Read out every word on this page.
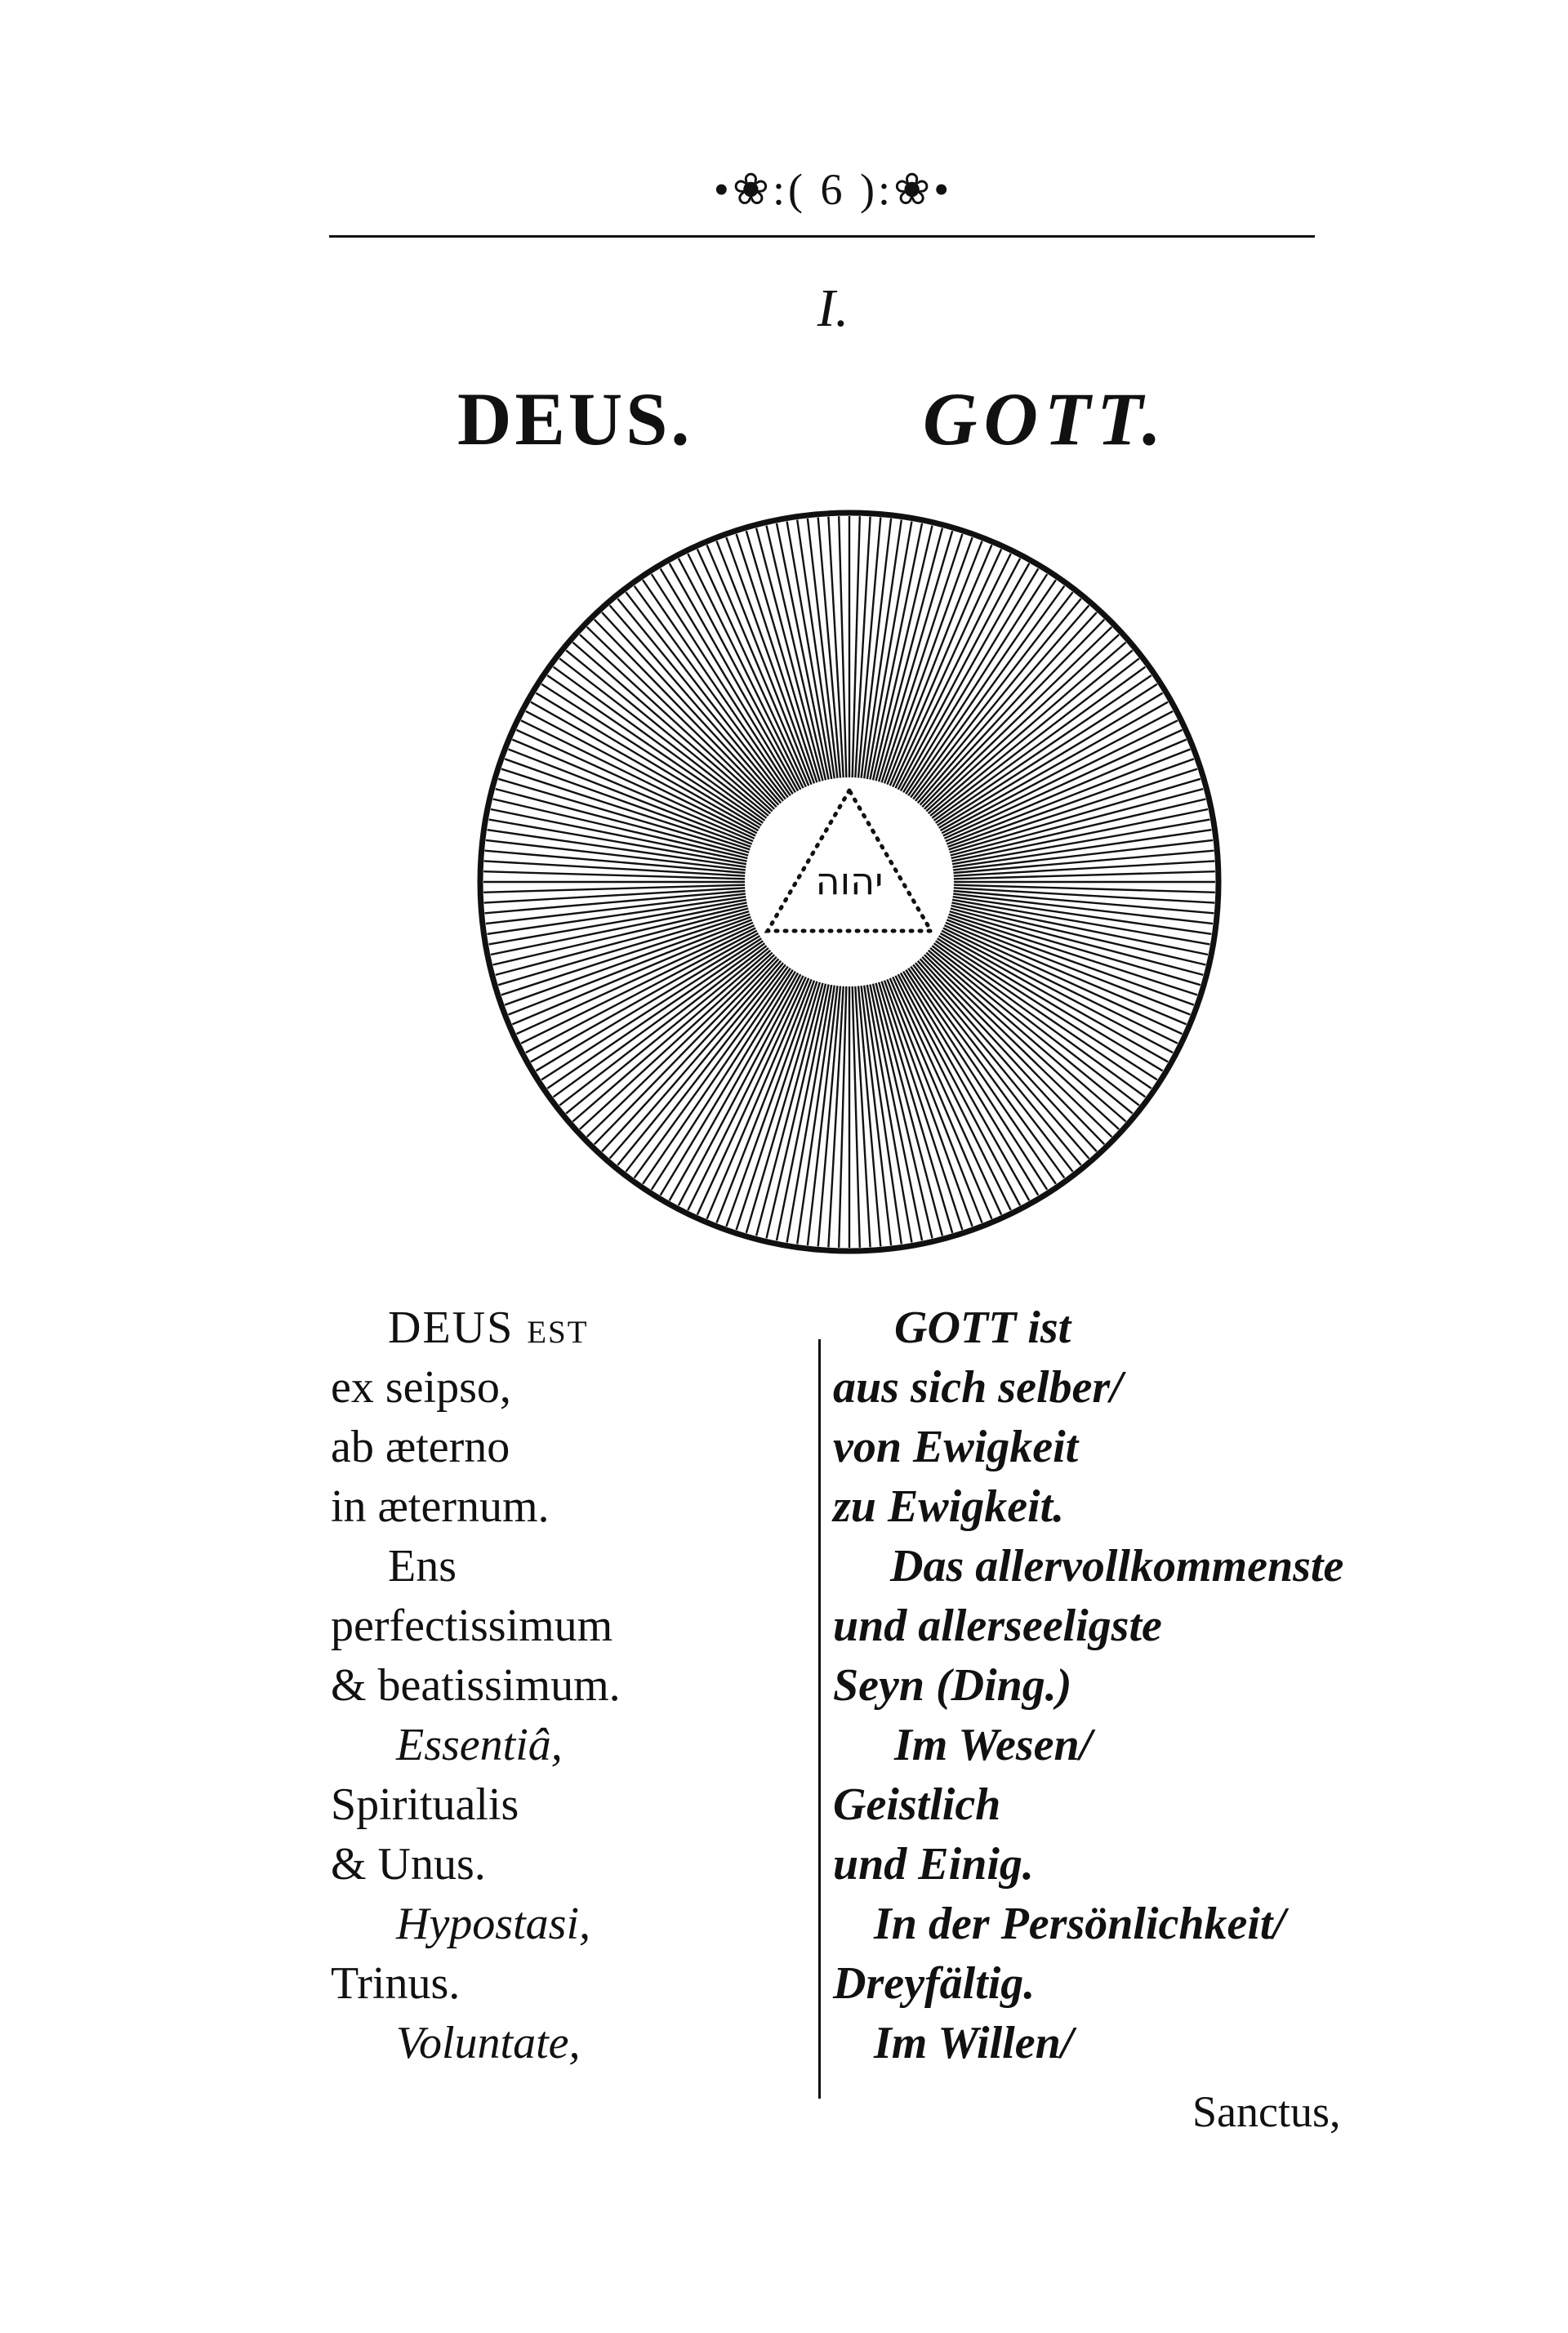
•❀:( 6 ):❀•
I.
DEUS.	GOTT.
יהוה
DEUS est
ex seipso,
ab æterno
in æternum.
Ens
perfectissimum
& beatissimum.
Essentiâ,
Spiritualis
& Unus.
Hypostasi,
Trinus.
Voluntate,
GOTT ist
aus sich selber/
von Ewigkeit
zu Ewigkeit.
Das allervollkommenste
und allerseeligste
Seyn (Ding.)
Im Wesen/
Geistlich
und Einig.
In der Persönlichkeit/
Dreyfältig.
Im Willen/
Sanctus,
